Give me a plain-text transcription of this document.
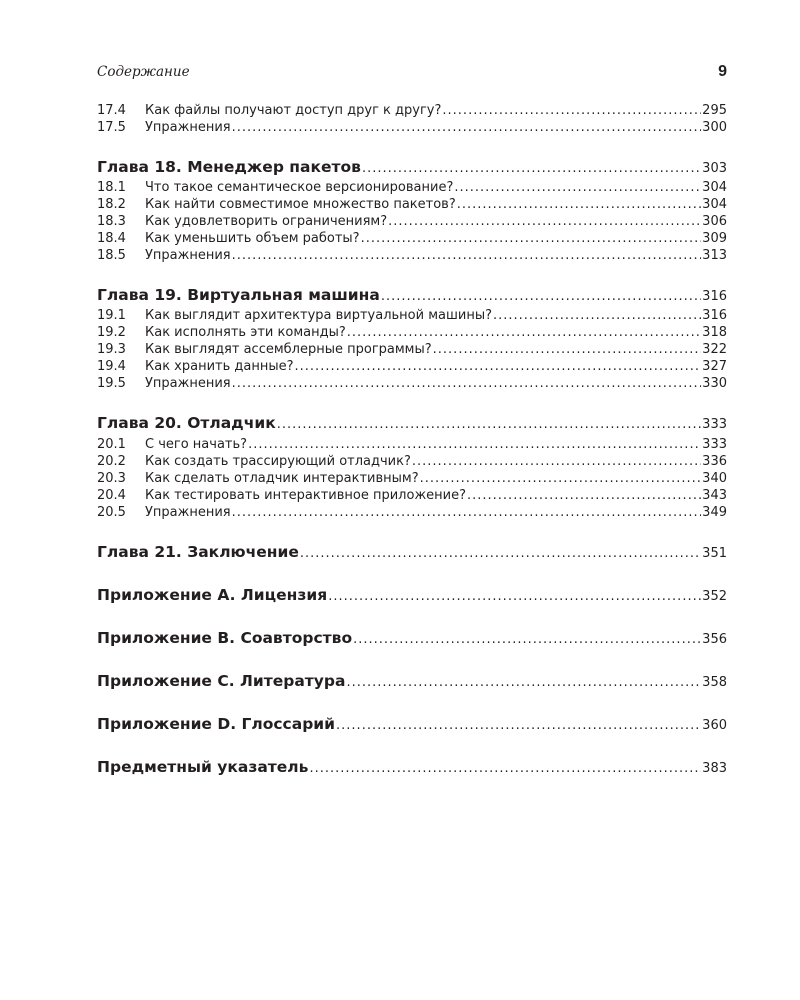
Содержание	9
17.4	Как файлы получают доступ друг к другу? .....	295
17.5	Упражнения .....	300
Глава 18. Менеджер пакетов .....	303
18.1	Что такое семантическое версионирование? .....	304
18.2	Как найти совместимое множество пакетов? .....	304
18.3	Как удовлетворить ограничениям? .....	306
18.4	Как уменьшить объем работы? .....	309
18.5	Упражнения .....	313
Глава 19. Виртуальная машина .....	316
19.1	Как выглядит архитектура виртуальной машины? .....	316
19.2	Как исполнять эти команды? .....	318
19.3	Как выглядят ассемблерные программы? .....	322
19.4	Как хранить данные? .....	327
19.5	Упражнения .....	330
Глава 20. Отладчик .....	333
20.1	С чего начать? .....	333
20.2	Как создать трассирующий отладчик? .....	336
20.3	Как сделать отладчик интерактивным? .....	340
20.4	Как тестировать интерактивное приложение? .....	343
20.5	Упражнения .....	349
Глава 21. Заключение .....	351
Приложение A. Лицензия .....	352
Приложение B. Соавторство .....	356
Приложение C. Литература .....	358
Приложение D. Глоссарий .....	360
Предметный указатель .....	383
